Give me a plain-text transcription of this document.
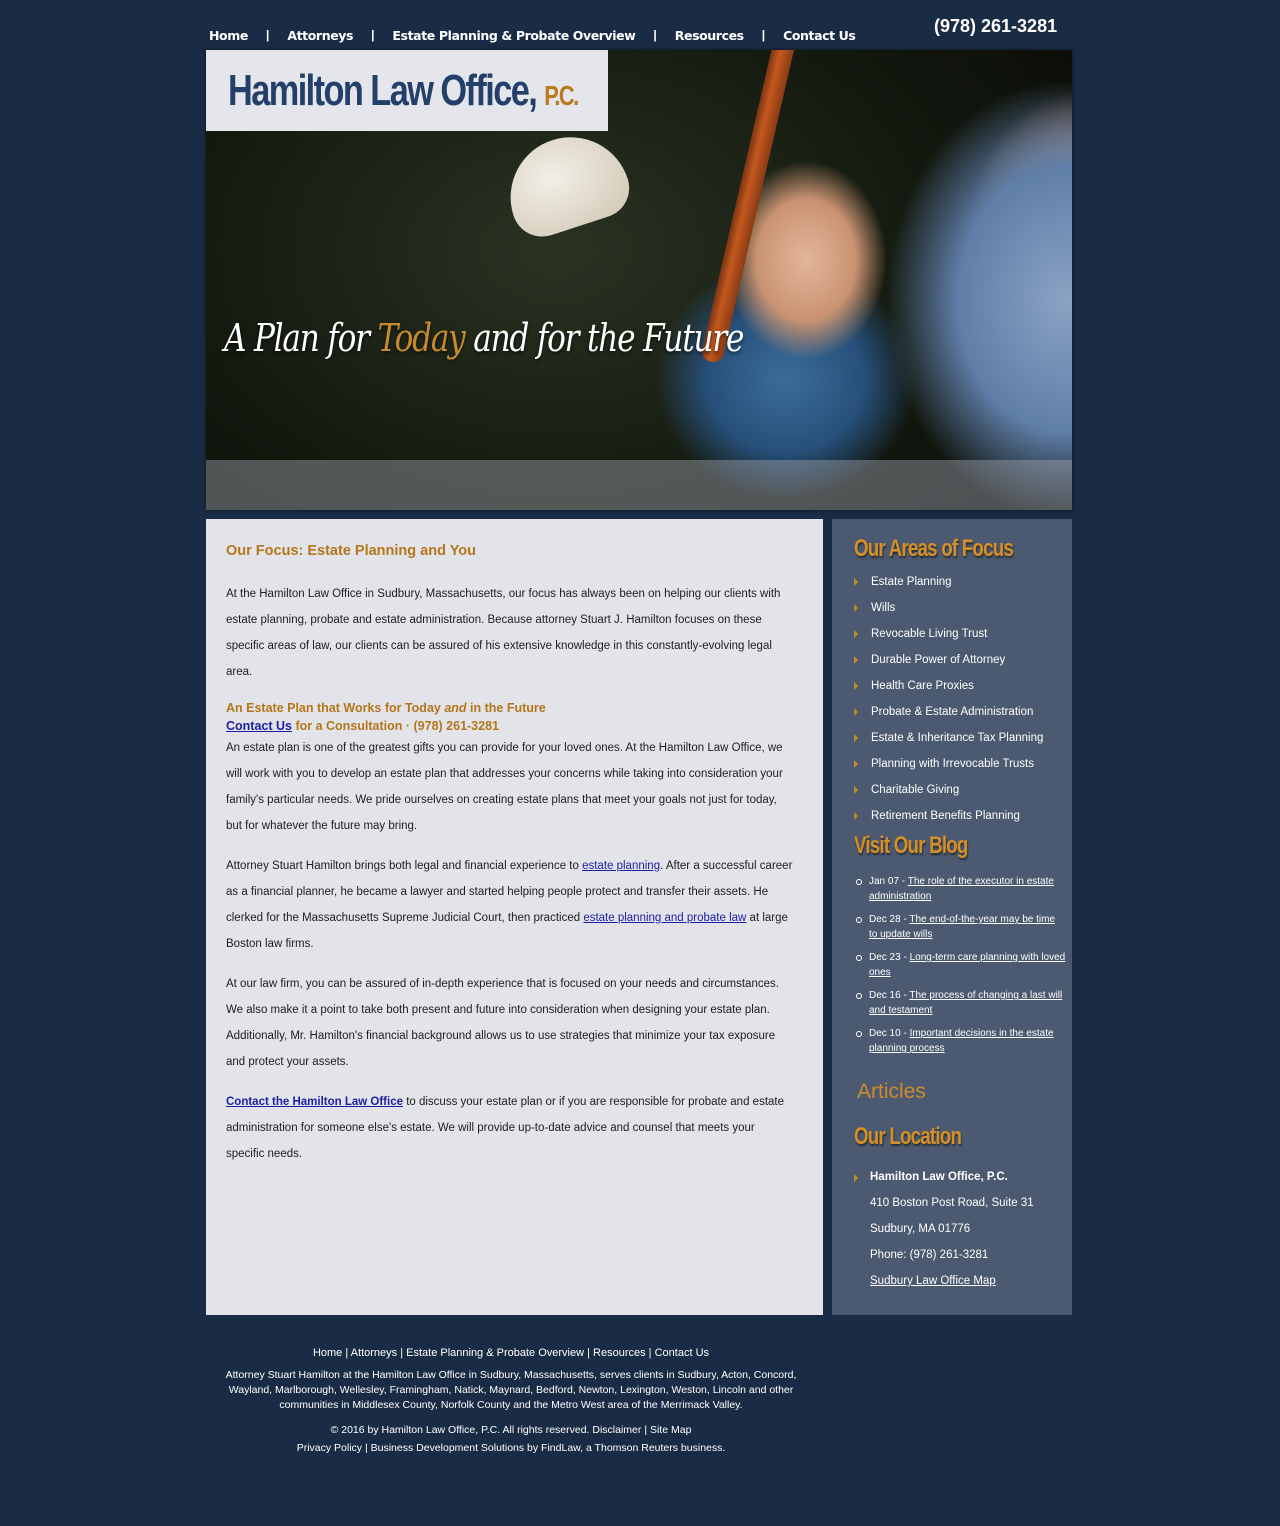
Home | Attorneys | Estate Planning & Probate Overview | Resources | Contact Us	(978) 261-3281
Hamilton Law Office, P.C.
A Plan for Today and for the Future
Our Focus: Estate Planning and You

At the Hamilton Law Office in Sudbury, Massachusetts, our focus has always been on helping our clients with estate planning, probate and estate administration. Because attorney Stuart J. Hamilton focuses on these specific areas of law, our clients can be assured of his extensive knowledge in this constantly-evolving legal area.

An Estate Plan that Works for Today and in the Future
Contact Us for a Consultation · (978) 261-3281

An estate plan is one of the greatest gifts you can provide for your loved ones. At the Hamilton Law Office, we will work with you to develop an estate plan that addresses your concerns while taking into consideration your family's particular needs. We pride ourselves on creating estate plans that meet your goals not just for today, but for whatever the future may bring.

Attorney Stuart Hamilton brings both legal and financial experience to estate planning. After a successful career as a financial planner, he became a lawyer and started helping people protect and transfer their assets. He clerked for the Massachusetts Supreme Judicial Court, then practiced estate planning and probate law at large Boston law firms.

At our law firm, you can be assured of in-depth experience that is focused on your needs and circumstances. We also make it a point to take both present and future into consideration when designing your estate plan. Additionally, Mr. Hamilton's financial background allows us to use strategies that minimize your tax exposure and protect your assets.

Contact the Hamilton Law Office to discuss your estate plan or if you are responsible for probate and estate administration for someone else's estate. We will provide up-to-date advice and counsel that meets your specific needs.

Our Areas of Focus
Estate Planning
Wills
Revocable Living Trust
Durable Power of Attorney
Health Care Proxies
Probate & Estate Administration
Estate & Inheritance Tax Planning
Planning with Irrevocable Trusts
Charitable Giving
Retirement Benefits Planning
Visit Our Blog
Jan 07 - The role of the executor in estate administration
Dec 28 - The end-of-the-year may be time to update wills
Dec 23 - Long-term care planning with loved ones
Dec 16 - The process of changing a last will and testament
Dec 10 - Important decisions in the estate planning process
Articles
Our Location
Hamilton Law Office, P.C.
410 Boston Post Road, Suite 31
Sudbury, MA 01776
Phone: (978) 261-3281
Sudbury Law Office Map
Home | Attorneys | Estate Planning & Probate Overview | Resources | Contact Us
Attorney Stuart Hamilton at the Hamilton Law Office in Sudbury, Massachusetts, serves clients in Sudbury, Acton, Concord, Wayland, Marlborough, Wellesley, Framingham, Natick, Maynard, Bedford, Newton, Lexington, Weston, Lincoln and other communities in Middlesex County, Norfolk County and the Metro West area of the Merrimack Valley.
© 2016 by Hamilton Law Office, P.C. All rights reserved. Disclaimer | Site Map
Privacy Policy | Business Development Solutions by FindLaw, a Thomson Reuters business.
